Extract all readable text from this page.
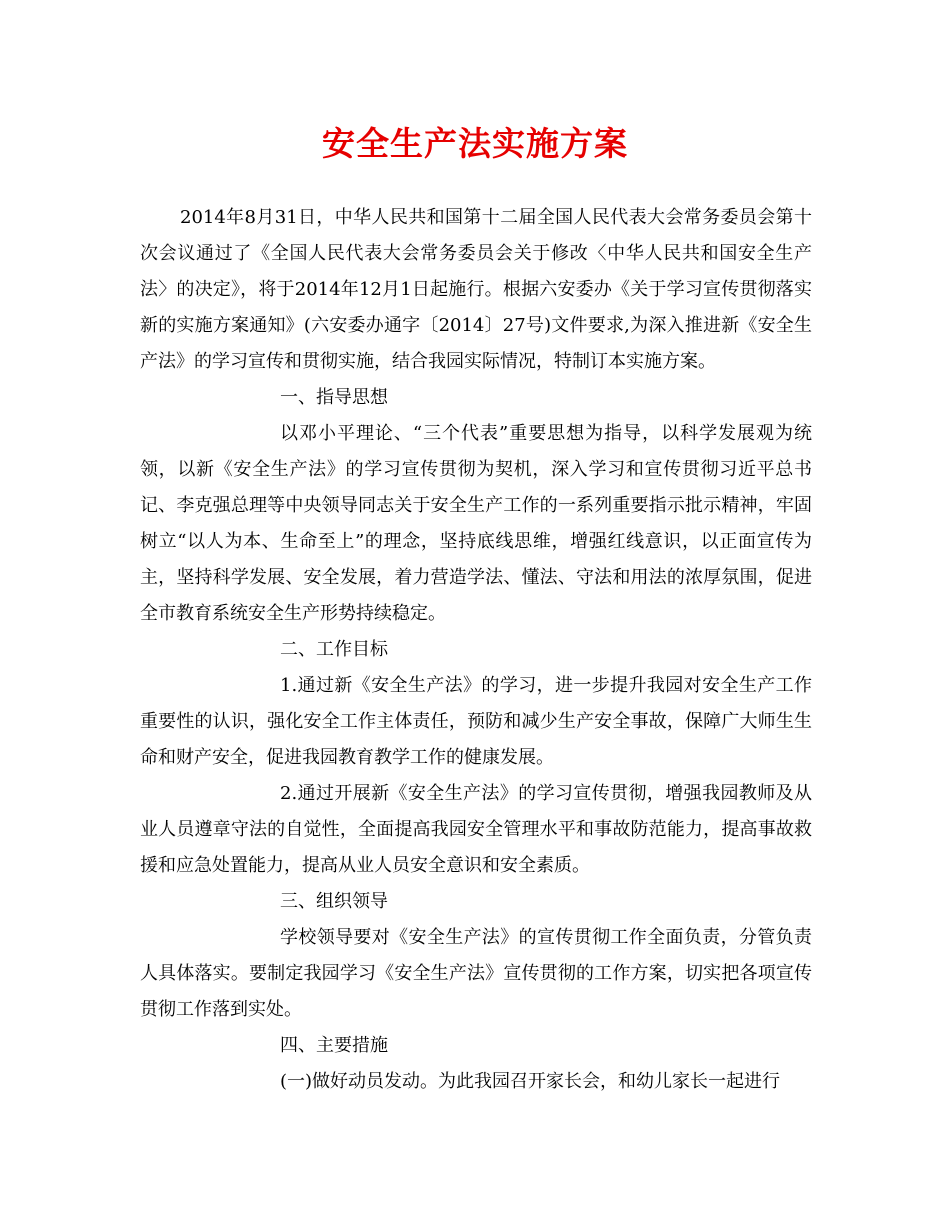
安全生产法实施方案

2014年8月31日，中华人民共和国第十二届全国人民代表大会常务委员会第十次会议通过了《全国人民代表大会常务委员会关于修改〈中华人民共和国安全生产法〉的决定》，将于2014年12月1日起施行。根据六安委办《关于学习宣传贯彻落实新的实施方案通知》(六安委办通字〔2014〕27号)文件要求,为深入推进新《安全生产法》的学习宣传和贯彻实施，结合我园实际情况，特制订本实施方案。

一、指导思想

以邓小平理论、“三个代表”重要思想为指导，以科学发展观为统领，以新《安全生产法》的学习宣传贯彻为契机，深入学习和宣传贯彻习近平总书记、李克强总理等中央领导同志关于安全生产工作的一系列重要指示批示精神，牢固树立“以人为本、生命至上”的理念，坚持底线思维，增强红线意识，以正面宣传为主，坚持科学发展、安全发展，着力营造学法、懂法、守法和用法的浓厚氛围，促进全市教育系统安全生产形势持续稳定。

二、工作目标

1.通过新《安全生产法》的学习，进一步提升我园对安全生产工作重要性的认识，强化安全工作主体责任，预防和减少生产安全事故，保障广大师生生命和财产安全，促进我园教育教学工作的健康发展。

2.通过开展新《安全生产法》的学习宣传贯彻，增强我园教师及从业人员遵章守法的自觉性，全面提高我园安全管理水平和事故防范能力，提高事故救援和应急处置能力，提高从业人员安全意识和安全素质。

三、组织领导

学校领导要对《安全生产法》的宣传贯彻工作全面负责，分管负责人具体落实。要制定我园学习《安全生产法》宣传贯彻的工作方案，切实把各项宣传贯彻工作落到实处。

四、主要措施

(一)做好动员发动。为此我园召开家长会，和幼儿家长一起进行
